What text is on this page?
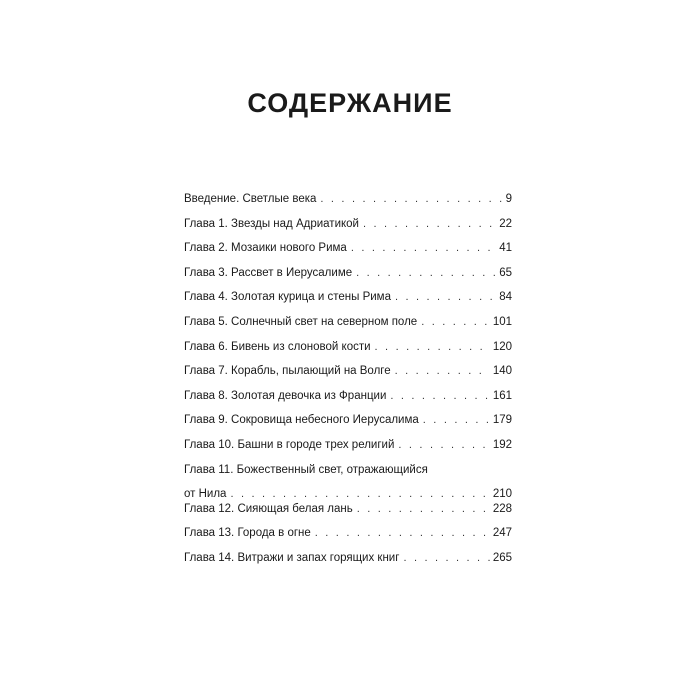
СОДЕРЖАНИЕ
Введение. Светлые века . . .	9
Глава 1. Звезды над Адриатикой . . .	22
Глава 2. Мозаики нового Рима . . .	41
Глава 3. Рассвет в Иерусалиме . . .	65
Глава 4. Золотая курица и стены Рима . . .	84
Глава 5. Солнечный свет на северном поле . . .	101
Глава 6. Бивень из слоновой кости . . .	120
Глава 7. Корабль, пылающий на Волге . . .	140
Глава 8. Золотая девочка из Франции . . .	161
Глава 9. Сокровища небесного Иерусалима . . .	179
Глава 10. Башни в городе трех религий . . .	192
Глава 11. Божественный свет, отражающийся
от Нила . . .	210
Глава 12. Сияющая белая лань . . .	228
Глава 13. Города в огне . . .	247
Глава 14. Витражи и запах горящих книг . . .	265
